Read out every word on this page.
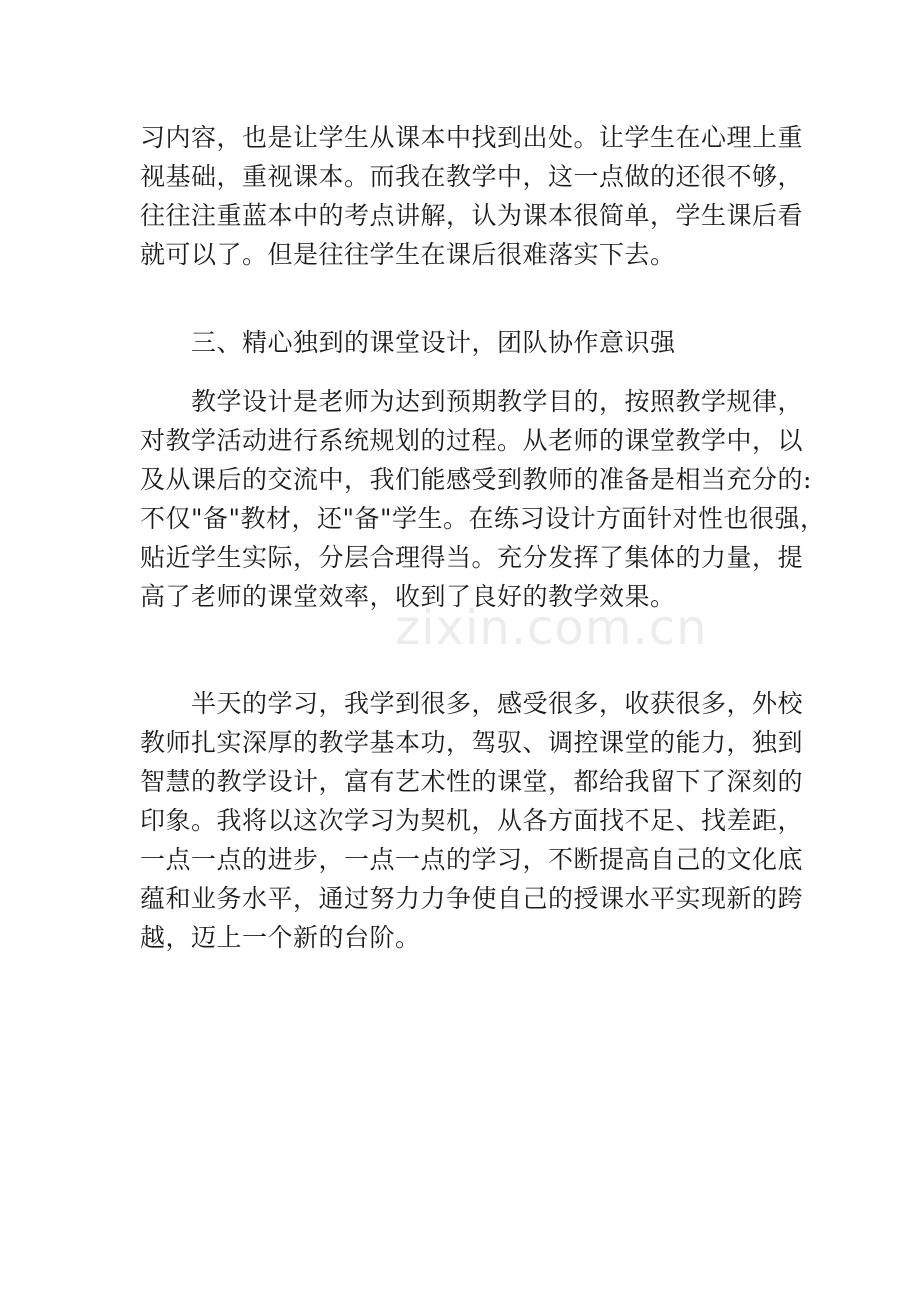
习内容，也是让学生从课本中找到出处。让学生在心理上重
视基础，重视课本。而我在教学中，这一点做的还很不够，
往往注重蓝本中的考点讲解，认为课本很简单，学生课后看
就可以了。但是往往学生在课后很难落实下去。
三、精心独到的课堂设计，团队协作意识强
教学设计是老师为达到预期教学目的，按照教学规律，
对教学活动进行系统规划的过程。从老师的课堂教学中，以
及从课后的交流中，我们能感受到教师的准备是相当充分的:
不仅"备"教材，还"备"学生。在练习设计方面针对性也很强，
贴近学生实际，分层合理得当。充分发挥了集体的力量，提
高了老师的课堂效率，收到了良好的教学效果。
半天的学习，我学到很多，感受很多，收获很多，外校
教师扎实深厚的教学基本功，驾驭、调控课堂的能力，独到
智慧的教学设计，富有艺术性的课堂，都给我留下了深刻的
印象。我将以这次学习为契机，从各方面找不足、找差距，
一点一点的进步，一点一点的学习，不断提高自己的文化底
蕴和业务水平，通过努力力争使自己的授课水平实现新的跨
越，迈上一个新的台阶。
zixin.com.cn
